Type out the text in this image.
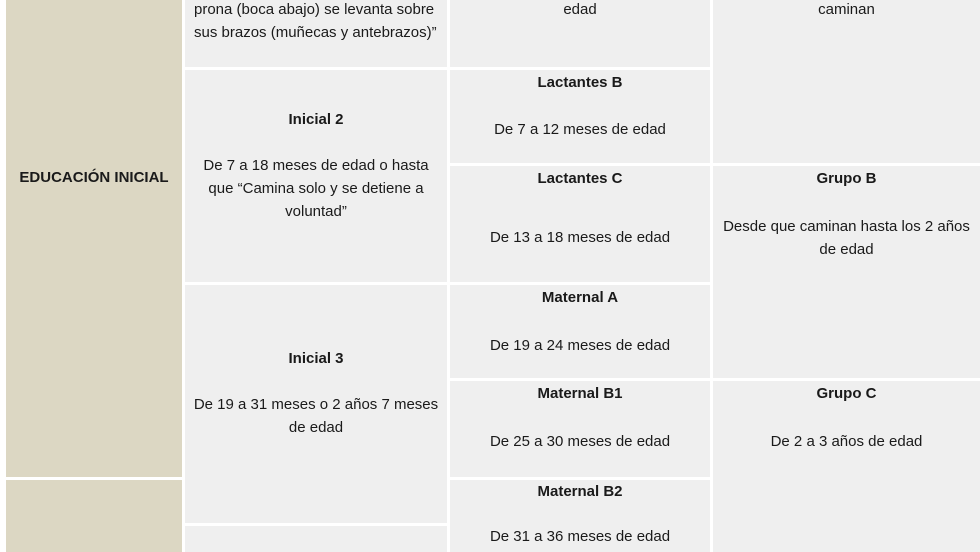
EDUCACIÓN INICIAL
prona (boca abajo) se levanta sobre
sus brazos (muñecas y antebrazos)”
Inicial 2
De 7 a 18 meses de edad o hasta que “Camina solo y se detiene a voluntad”
Inicial 3
De 19 a 31 meses o 2 años 7 meses de edad
edad
Lactantes B
De 7 a 12 meses de edad
Lactantes C
De 13 a 18 meses de edad
Maternal A
De 19 a 24 meses de edad
Maternal B1
De 25 a 30 meses de edad
Maternal B2
De 31 a 36 meses de edad
caminan
Grupo B
Desde que caminan hasta los 2 años de edad
Grupo C
De 2 a 3 años de edad
